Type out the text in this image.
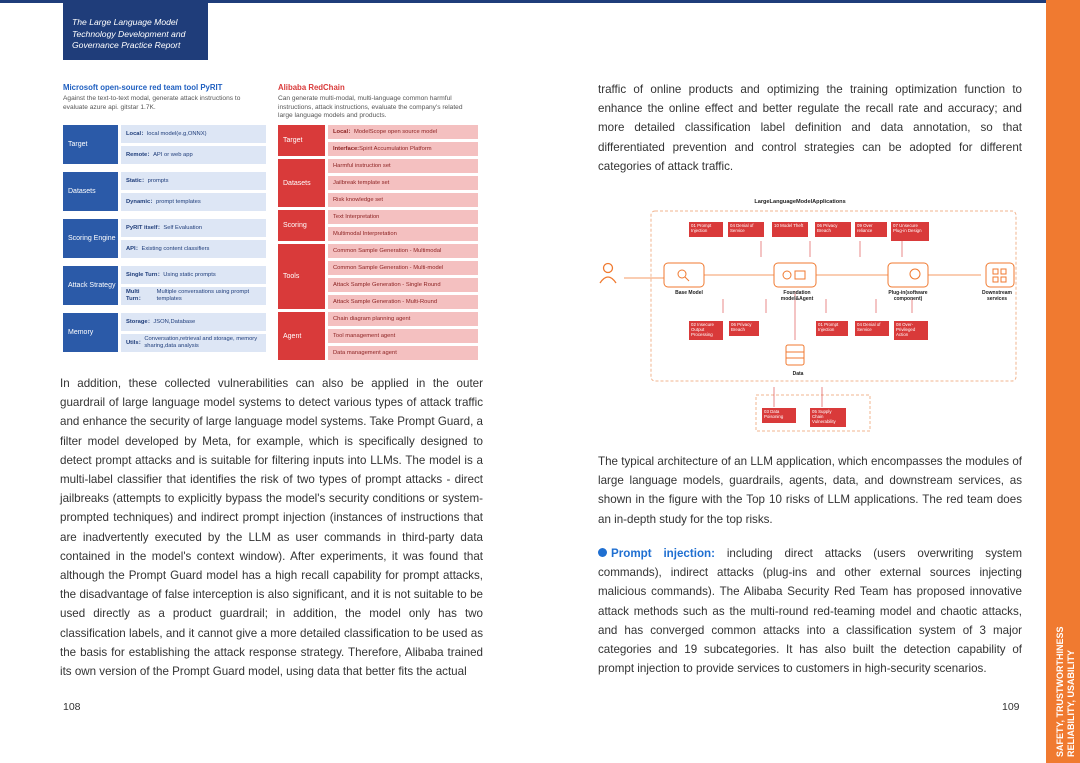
The Large Language Model
Technology Development and
Governance Practice Report
Microsoft open-source red team tool PyRIT
Against the text-to-text modal, generate attack instructions to
evaluate azure api. gitstar 1.7K.
Target
Local： local model(e.g,ONNX)
Remote： API or web app
Datasets
Static： prompts
Dynamic： prompt templates
Scoring Engine
PyRIT itself： Self Evaluation
API： Existing content classifiers
Attack Strategy
Single Turn： Using static prompts
Multi Turn：
Multiple conversations using prompt templates
Memory
Storage： JSON,Database
Utils：
Conversation,retrieval and storage, memory sharing,data analysis
Alibaba RedChain
Can generate multi-modal, multi-language common harmful
instructions, attack instructions, evaluate the company's related
large language models and products.
Target
Local： ModelScope open source model
Interface: Spirit Accumulation Platform
Datasets
Harmful instruction set
Jailbreak template set
Risk knowledge set
Scoring
Text Interpretation
Multimodal Interpretation
Tools
Common Sample Generation - Multimodal
Common Sample Generation - Multi-model
Attack Sample Generation - Single Round
Attack Sample Generation - Multi-Round
Agent
Chain diagram planning agent
Tool management agent
Data management agent
In addition, these collected vulnerabilities can also be applied in the outer guardrail of large language model systems to detect various types of attack traffic and enhance the security of large language model systems. Take Prompt Guard, a filter model developed by Meta, for example, which is specifically designed to detect prompt attacks and is suitable for filtering inputs into LLMs. The model is a multi-label classifier that identifies the risk of two types of prompt attacks - direct jailbreaks (attempts to explicitly bypass the model's security conditions or system-prompted techniques) and indirect prompt injection (instances of instructions that are inadvertently executed by the LLM as user commands in third-party data contained in the model's context window). After experiments, it was found that although the Prompt Guard model has a high recall capability for prompt attacks, the disadvantage of false interception is also significant, and it is not suitable to be used directly as a product guardrail; in addition, the model only has two classification labels, and it cannot give a more detailed classification to be used as the basis for establishing the attack response strategy. Therefore, Alibaba trained its own version of the Prompt Guard model, using data that better fits the actual
108
traffic of online products and optimizing the training optimization function to enhance the online effect and better regulate the recall rate and accuracy; and more detailed classification label definition and data annotation, so that differentiated prevention and control strategies can be adopted for different categories of attack traffic.
LargeLanguageModelApplications
01 Prompt Injection
04 Denial of Service
10 Model Theft	06 Privacy Breach
09 Over reliance
07 Unsecure Plug-in Design
Base Model	Foundation model&Agent
Plug-in(software component)
Downstream services
02 Insecure Output Processing
06 Privacy Breach
01 Prompt Injection
04 Denial of Service
08 Over-Privileged Action
Data
03 Data Poisoning
05 Supply Chain Vulnerability
The typical architecture of an LLM application, which encompasses the modules of large language models, guardrails, agents, data, and downstream services, as shown in the figure with the Top 10 risks of LLM applications. The red team does an in-depth study for the top risks.
Prompt injection: including direct attacks (users overwriting system commands), indirect attacks (plug-ins and other external sources injecting malicious commands). The Alibaba Security Red Team has proposed innovative attack methods such as the multi-round red-teaming model and chaotic attacks, and has converged common attacks into a classification system of 3 major categories and 19 subcategories. It has also built the detection capability of prompt injection to provide services to customers in high-security scenarios.
109	SAFETY, TRUSTWORTHINESS RELIABILITY, USABILITY
